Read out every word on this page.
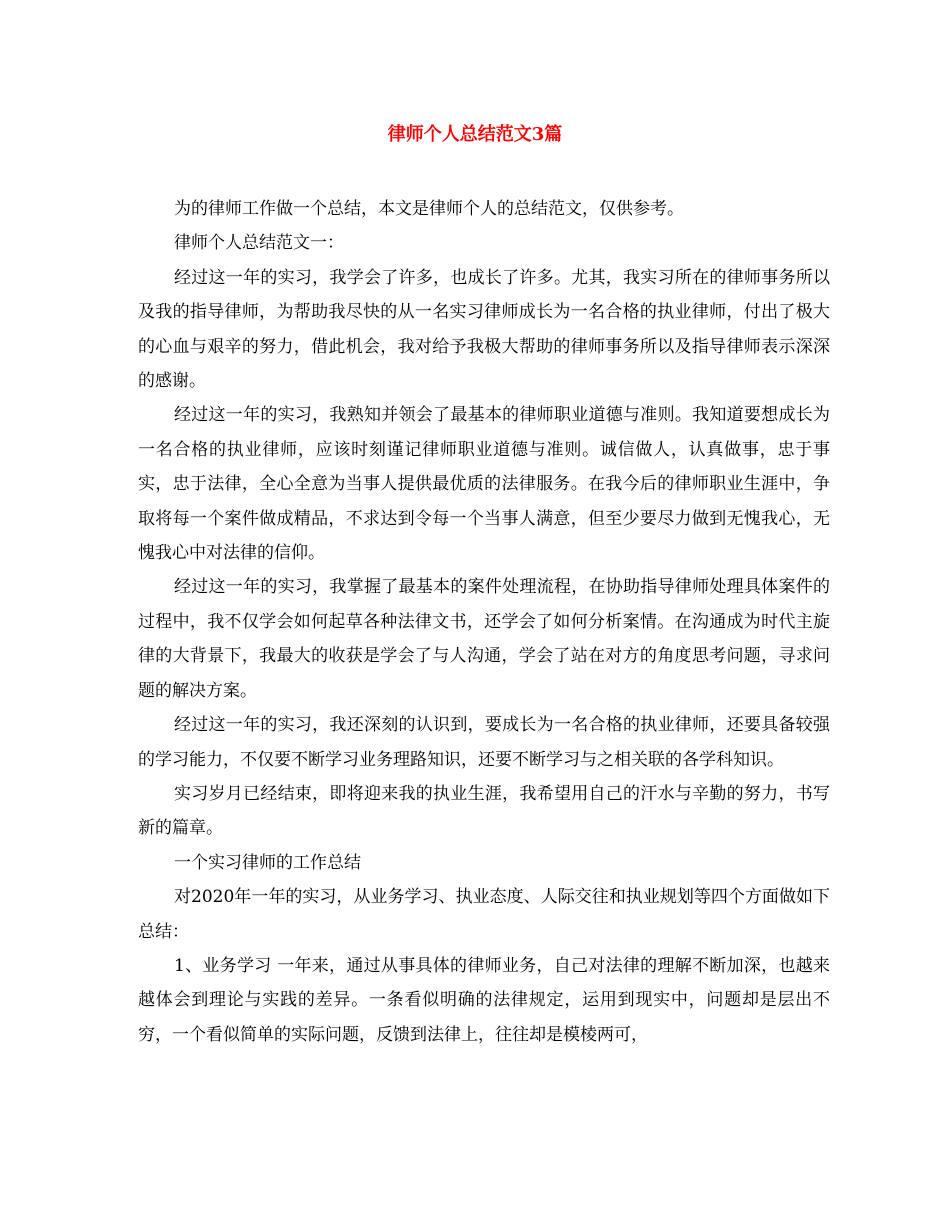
律师个人总结范文3篇

为的律师工作做一个总结，本文是律师个人的总结范文，仅供参考。

律师个人总结范文一：

经过这一年的实习，我学会了许多，也成长了许多。尤其，我实习所在的律师事务所以及我的指导律师，为帮助我尽快的从一名实习律师成长为一名合格的执业律师，付出了极大的心血与艰辛的努力，借此机会，我对给予我极大帮助的律师事务所以及指导律师表示深深的感谢。

经过这一年的实习，我熟知并领会了最基本的律师职业道德与准则。我知道要想成长为一名合格的执业律师，应该时刻谨记律师职业道德与准则。诚信做人，认真做事，忠于事实，忠于法律，全心全意为当事人提供最优质的法律服务。在我今后的律师职业生涯中，争取将每一个案件做成精品，不求达到令每一个当事人满意，但至少要尽力做到无愧我心，无愧我心中对法律的信仰。

经过这一年的实习，我掌握了最基本的案件处理流程，在协助指导律师处理具体案件的过程中，我不仅学会如何起草各种法律文书，还学会了如何分析案情。在沟通成为时代主旋律的大背景下，我最大的收获是学会了与人沟通，学会了站在对方的角度思考问题，寻求问题的解决方案。

经过这一年的实习，我还深刻的认识到，要成长为一名合格的执业律师，还要具备较强的学习能力，不仅要不断学习业务理路知识，还要不断学习与之相关联的各学科知识。

实习岁月已经结束，即将迎来我的执业生涯，我希望用自己的汗水与辛勤的努力，书写新的篇章。

一个实习律师的工作总结

对2020年一年的实习，从业务学习、执业态度、人际交往和执业规划等四个方面做如下总结：

1、业务学习 一年来，通过从事具体的律师业务，自己对法律的理解不断加深，也越来越体会到理论与实践的差异。一条看似明确的法律规定，运用到现实中，问题却是层出不穷，一个看似简单的实际问题，反馈到法律上，往往却是模棱两可，
